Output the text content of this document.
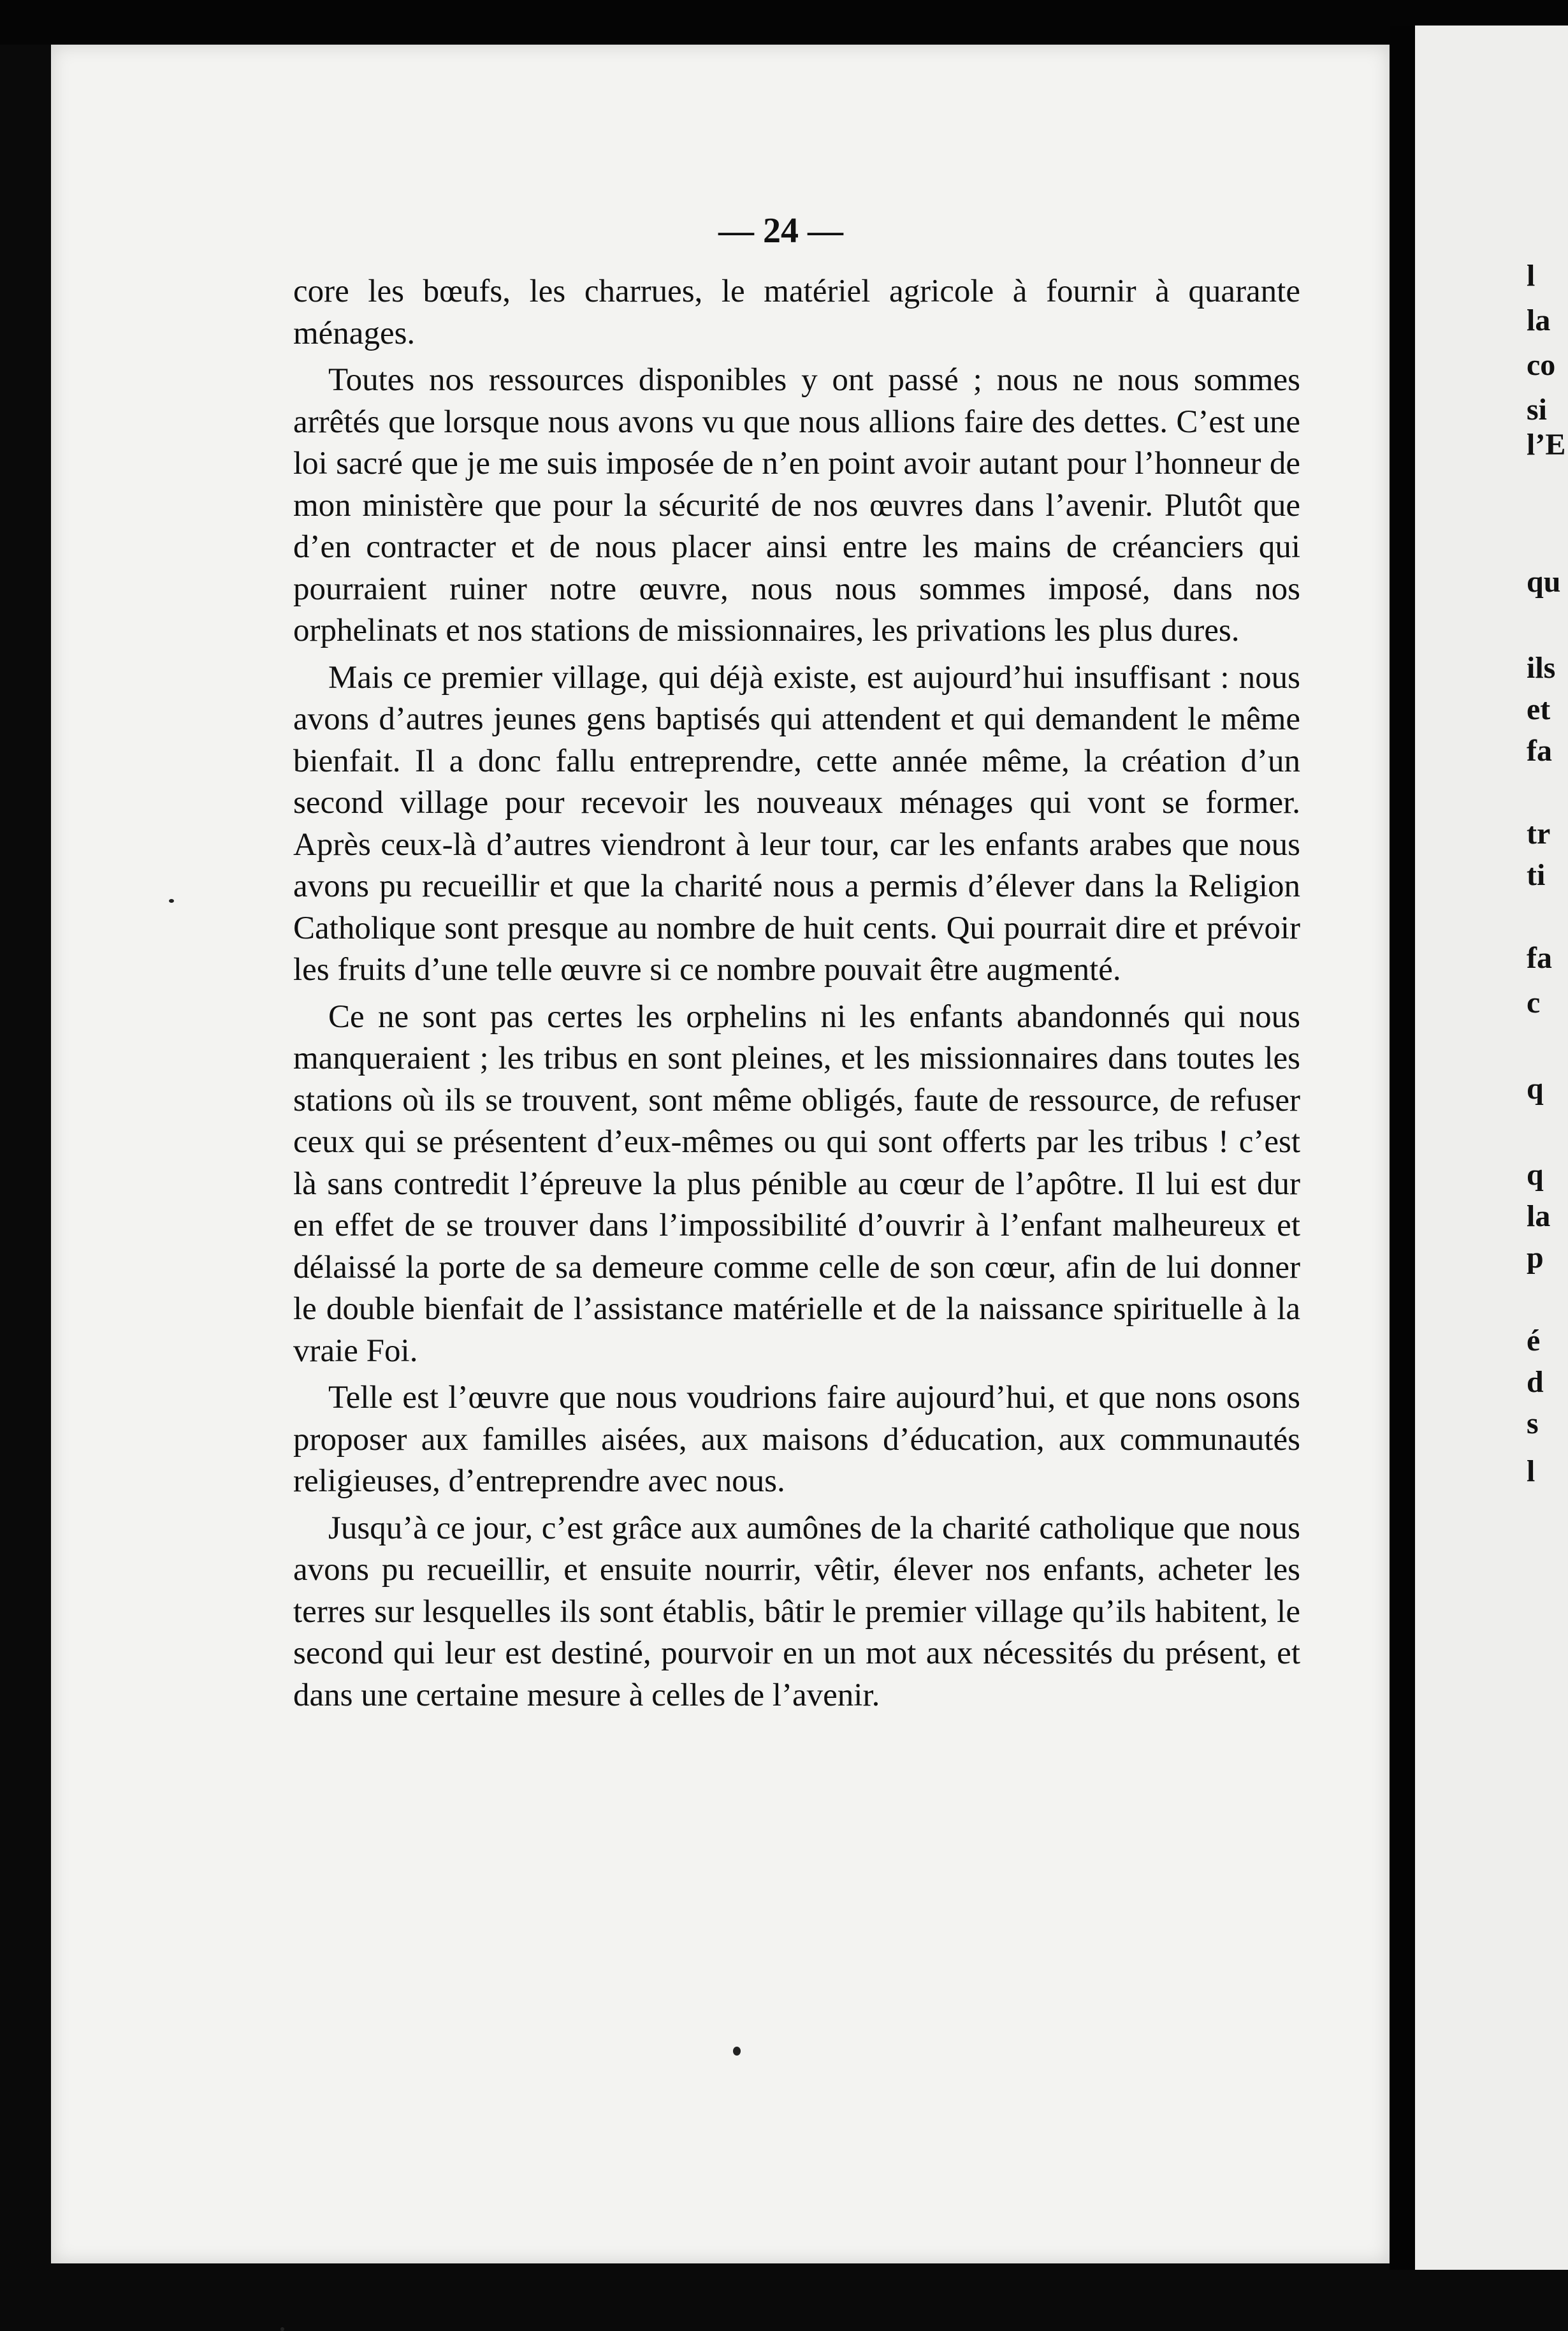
— 24 —

core les bœufs, les charrues, le matériel agricole à fournir à quarante ménages.

Toutes nos ressources disponibles y ont passé ; nous ne nous sommes arrêtés que lorsque nous avons vu que nous allions faire des dettes. C’est une loi sacré que je me suis imposée de n’en point avoir autant pour l’honneur de mon ministère que pour la sécurité de nos œuvres dans l’avenir. Plutôt que d’en contracter et de nous placer ainsi entre les mains de créanciers qui pourraient ruiner notre œuvre, nous nous sommes imposé, dans nos orphelinats et nos stations de missionnaires, les privations les plus dures.

Mais ce premier village, qui déjà existe, est aujourd’hui insuffisant : nous avons d’autres jeunes gens baptisés qui attendent et qui demandent le même bienfait. Il a donc fallu entreprendre, cette année même, la création d’un second village pour recevoir les nouveaux ménages qui vont se former. Après ceux-là d’autres viendront à leur tour, car les enfants arabes que nous avons pu recueillir et que la charité nous a permis d’élever dans la Religion Catholique sont presque au nombre de huit cents. Qui pourrait dire et prévoir les fruits d’une telle œuvre si ce nombre pouvait être augmenté.

Ce ne sont pas certes les orphelins ni les enfants abandonnés qui nous manqueraient ; les tribus en sont pleines, et les missionnaires dans toutes les stations où ils se trouvent, sont même obligés, faute de ressource, de refuser ceux qui se présentent d’eux-mêmes ou qui sont offerts par les tribus ! c’est là sans contredit l’épreuve la plus pénible au cœur de l’apôtre. Il lui est dur en effet de se trouver dans l’impossibilité d’ouvrir à l’enfant malheureux et délaissé la porte de sa demeure comme celle de son cœur, afin de lui donner le double bienfait de l’assistance matérielle et de la naissance spirituelle à la vraie Foi.

Telle est l’œuvre que nous voudrions faire aujourd’hui, et que nons osons proposer aux familles aisées, aux maisons d’éducation, aux communautés religieuses, d’entreprendre avec nous.

Jusqu’à ce jour, c’est grâce aux aumônes de la charité catholique que nous avons pu recueillir, et ensuite nourrir, vêtir, élever nos enfants, acheter les terres sur lesquelles ils sont établis, bâtir le premier village qu’ils habitent, le second qui leur est destiné, pourvoir en un mot aux nécessités du présent, et dans une certaine mesure à celles de l’avenir.

l
la
co
si
l’E
qu
ils
et
fa
tr
ti
fa
c
q
q
la
p
é
d
s
l
